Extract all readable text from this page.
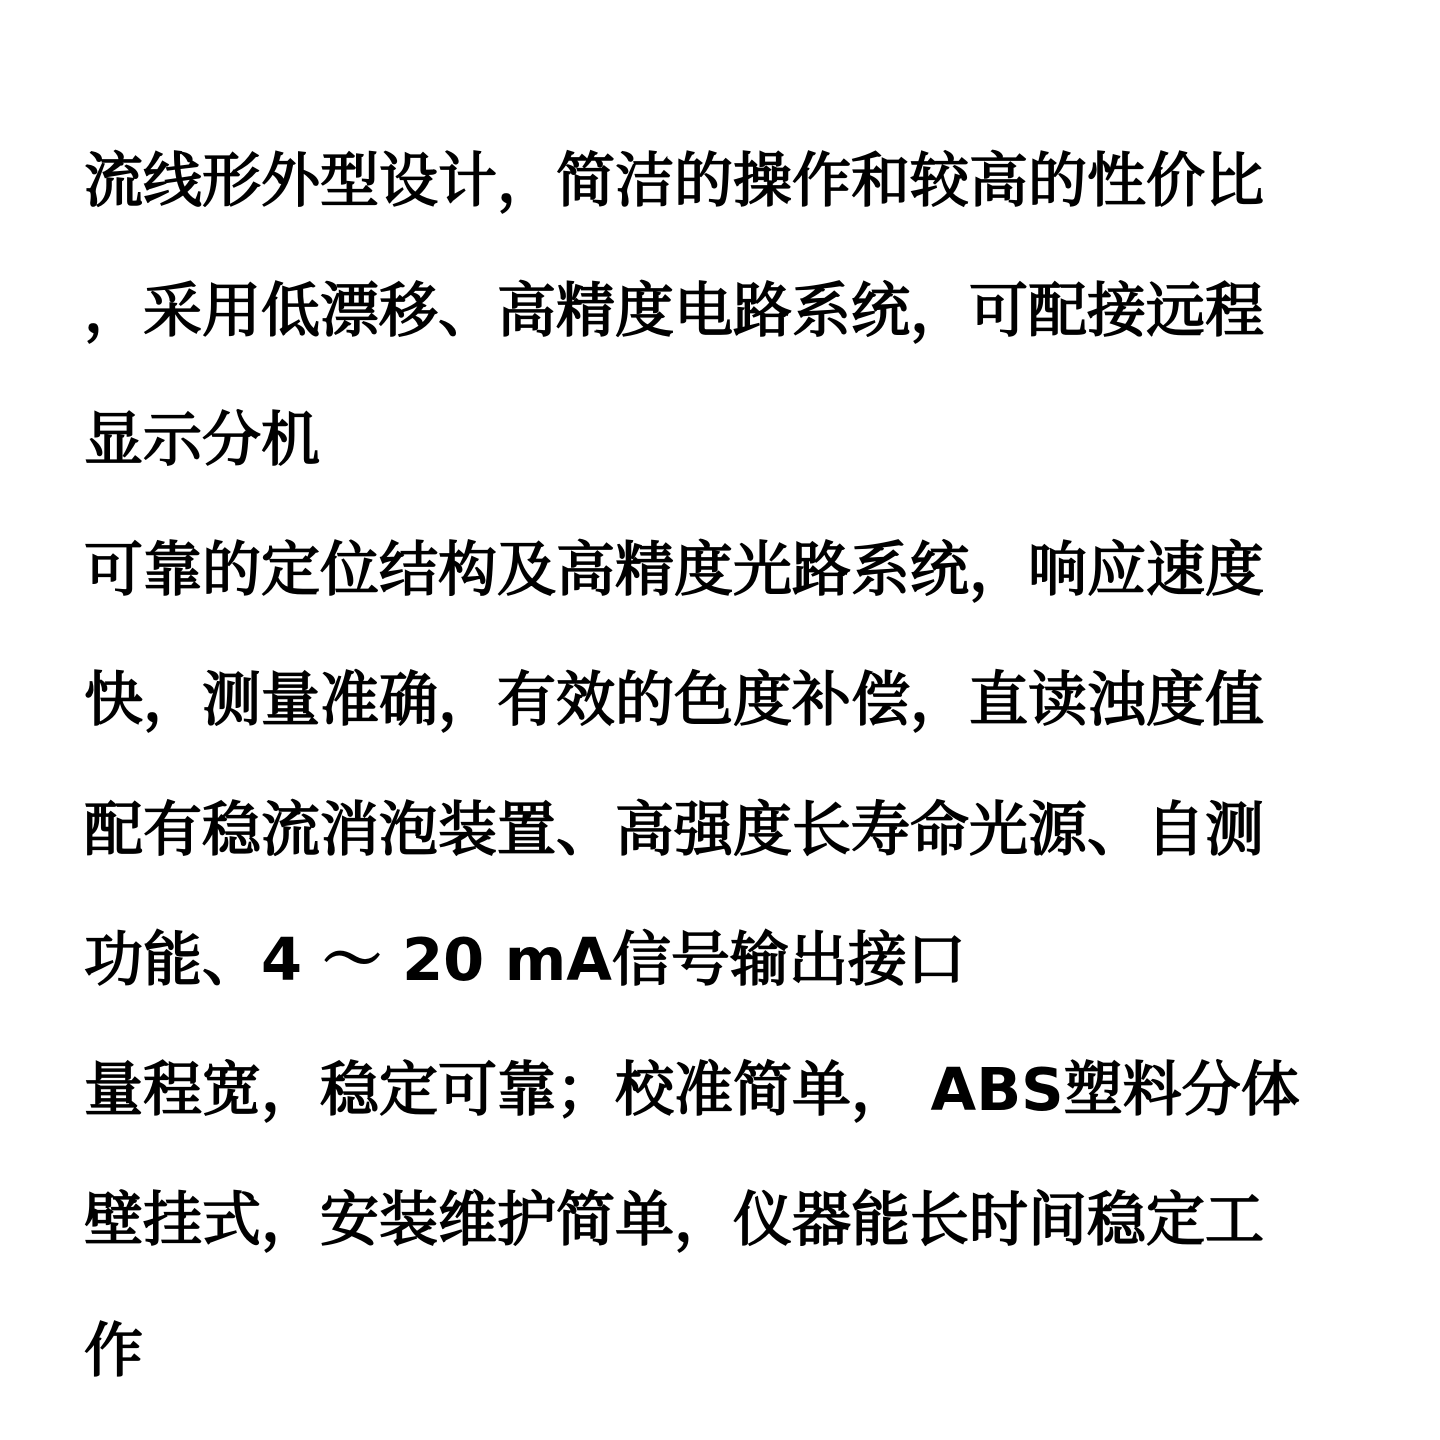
流线形外型设计，简洁的操作和较高的性价比
，采用低漂移、高精度电路系统，可配接远程
显示分机
可靠的定位结构及高精度光路系统，响应速度
快，测量准确，有效的色度补偿，直读浊度值
配有稳流消泡装置、高强度长寿命光源、自测
功能、4 ～ 20 mA信号输出接口
量程宽，稳定可靠；校准简单， ABS塑料分体
壁挂式，安装维护简单，仪器能长时间稳定工
作
